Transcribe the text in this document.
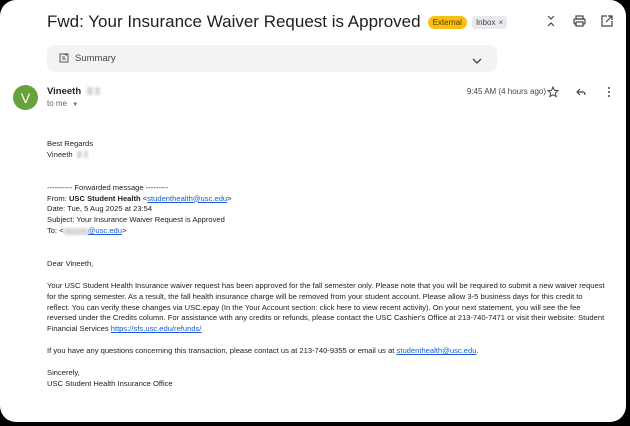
Fwd: Your Insurance Waiver Request is Approved	External	Inbox ×
Summary
V	Vineeth
to me ▼
9:45 AM (4 hours ago)

Best Regards

Vineeth

---------- Forwarded message ---------

From: USC Student Health <studenthealth@usc.edu>

Date: Tue, 5 Aug 2025 at 23:54

Subject: Your Insurance Waiver Request is Approved

To: <	@usc.edu>

Dear Vineeth,

Your USC Student Health Insurance waiver request has been approved for the fall semester only. Please note that you will be required to submit a new waiver request for the spring semester. As a result, the fall health insurance charge will be removed from your student account. Please allow 3-5 business days for this credit to reflect. You can verify these changes via USC.epay (In the Your Account section: click here to view recent activity). On your next statement, you will see the fee reversed under the Credits column. For assistance with any credits or refunds, please contact the USC Cashier's Office at 213-740-7471 or visit their website: Student Financial Services https://sfs.usc.edu/refunds/

If you have any questions concerning this transaction, please contact us at 213-740-9355 or email us at studenthealth@usc.edu.

Sincerely,

USC Student Health Insurance Office
